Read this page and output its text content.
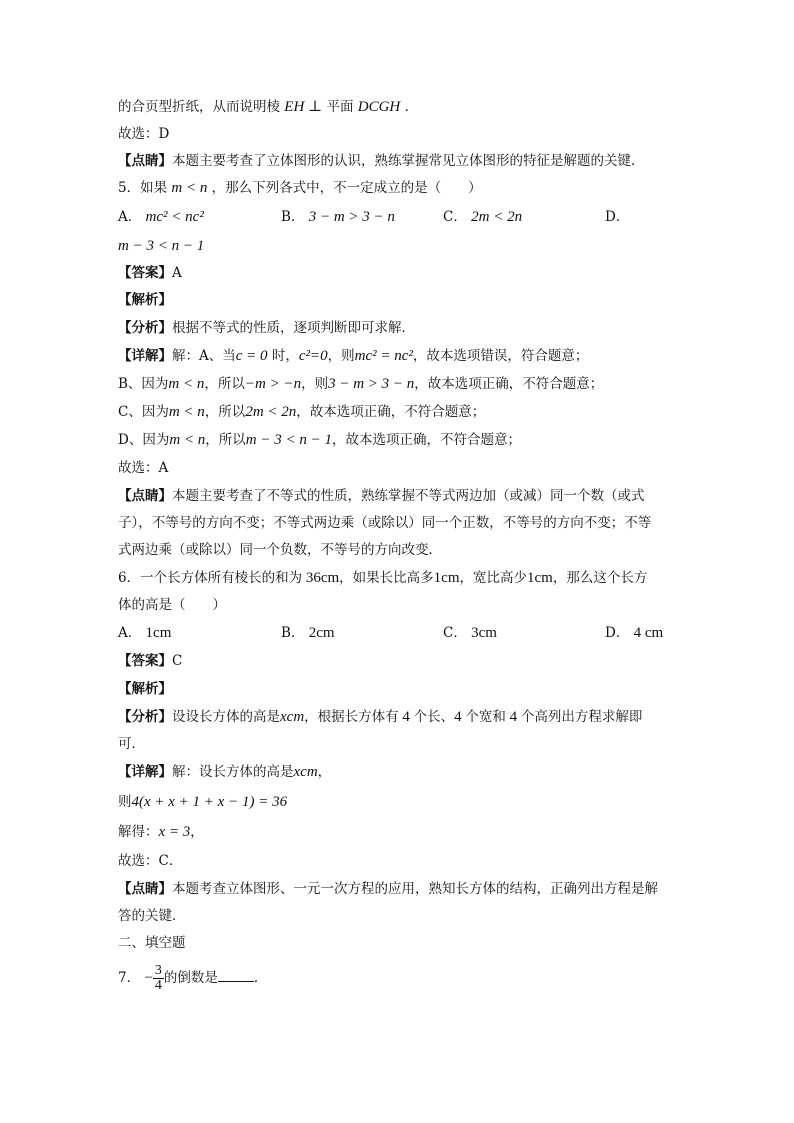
的合页型折纸，从而说明棱 EH ⊥ 平面 DCGH ．
故选：D
【点睛】本题主要考查了立体图形的认识，熟练掌握常见立体图形的特征是解题的关键．
5．如果 m < n ，那么下列各式中，不一定成立的是（　　）
A． mc² < nc²	B． 3 − m > 3 − n	C． 2m < 2n	D．
m − 3 < n − 1
【答案】A
【解析】
【分析】根据不等式的性质，逐项判断即可求解．
【详解】解：A、当c = 0 时，c²=0，则mc² = nc²，故本选项错误，符合题意；
B、因为m < n，所以−m > −n，则3 − m > 3 − n，故本选项正确，不符合题意；
C、因为m < n，所以2m < 2n，故本选项正确，不符合题意；
D、因为m < n，所以m − 3 < n − 1，故本选项正确，不符合题意；
故选：A
【点睛】本题主要考查了不等式的性质，熟练掌握不等式两边加（或减）同一个数（或式
子），不等号的方向不变；不等式两边乘（或除以）同一个正数，不等号的方向不变；不等
式两边乘（或除以）同一个负数，不等号的方向改变．
6．一个长方体所有棱长的和为 36cm，如果长比高多1cm，宽比高少1cm，那么这个长方
体的高是（　　）
A． 1cm	B． 2cm	C． 3cm	D． 4 cm
【答案】C
【解析】
【分析】设设长方体的高是xcm，根据长方体有 4 个长、4 个宽和 4 个高列出方程求解即
可．
【详解】解：设长方体的高是xcm，
则4(x + x + 1 + x − 1) = 36
解得：x = 3，
故选：C．
【点睛】本题考查立体图形、一元一次方程的应用，熟知长方体的结构，正确列出方程是解
答的关键．
二、填空题
7． − $\frac{3}{4}$ 的倒数是	．
